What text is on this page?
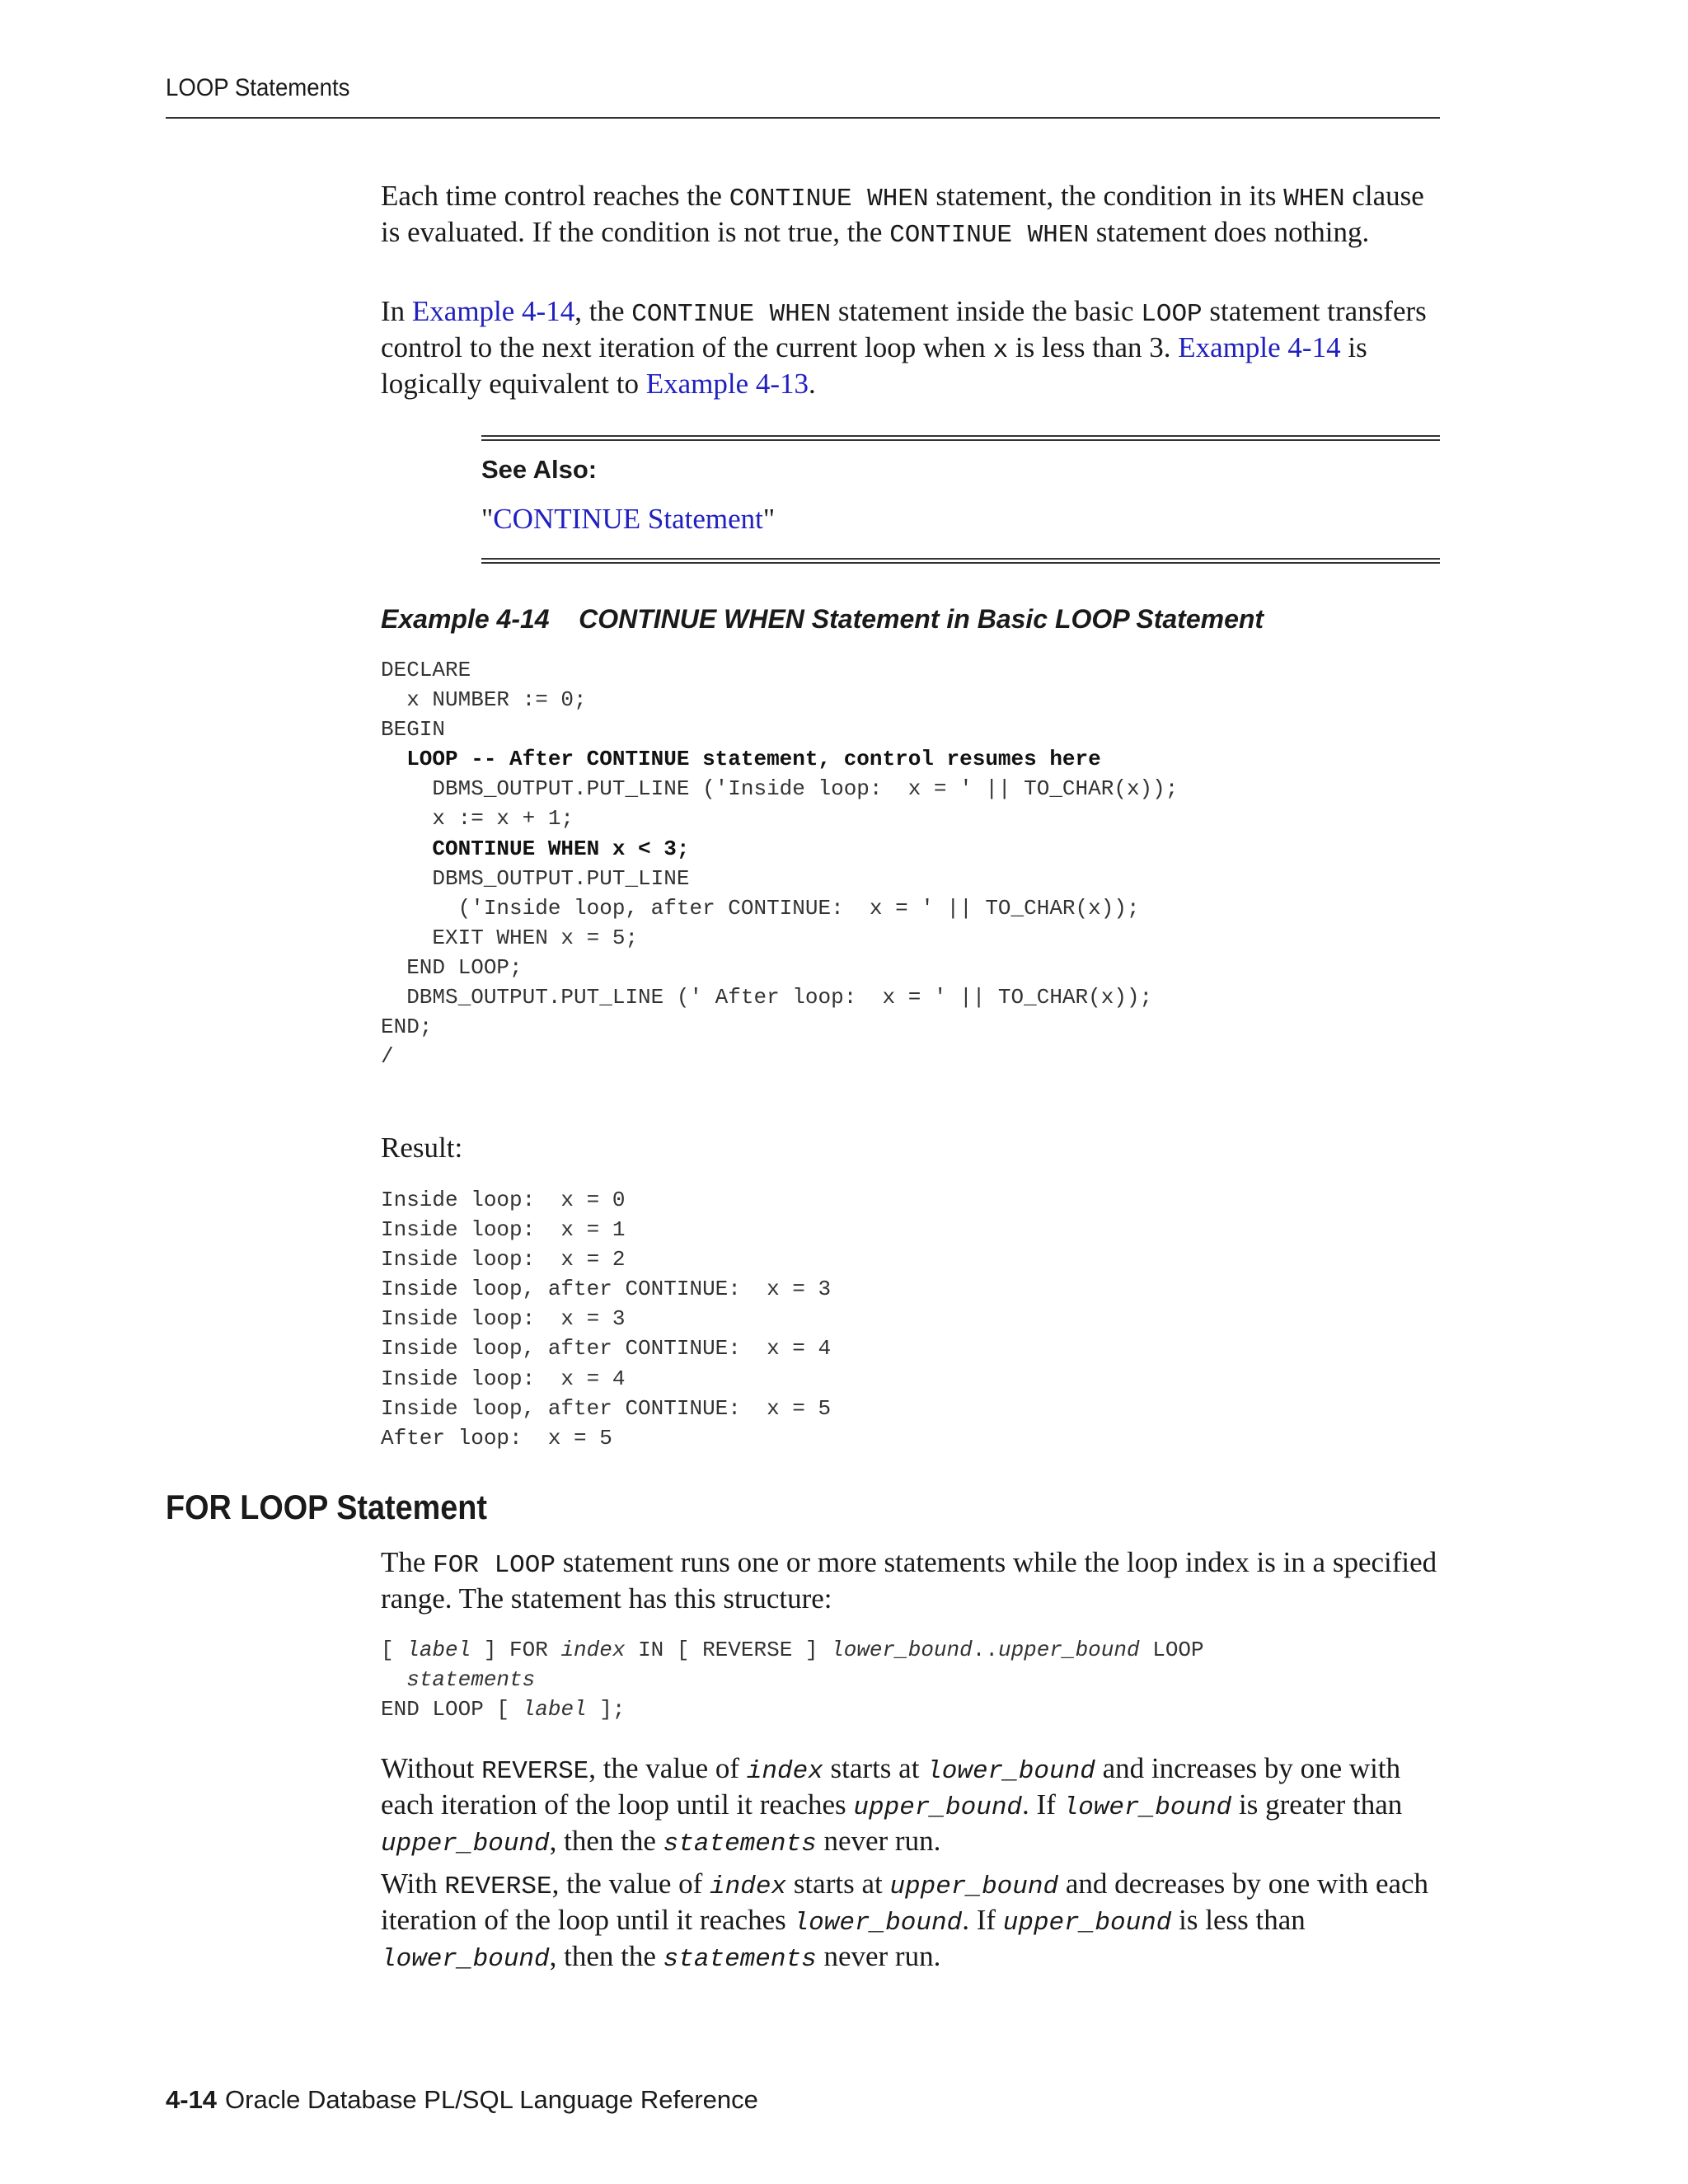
LOOP Statements

Each time control reaches the CONTINUE WHEN statement, the condition in its WHEN clause is evaluated. If the condition is not true, the CONTINUE WHEN statement does nothing.

In Example 4-14, the CONTINUE WHEN statement inside the basic LOOP statement transfers control to the next iteration of the current loop when x is less than 3. Example 4-14 is logically equivalent to Example 4-13.

See Also:
"CONTINUE Statement"
Example 4-14    CONTINUE WHEN Statement in Basic LOOP Statement
DECLARE
x NUMBER := 0;
BEGIN
LOOP -- After CONTINUE statement, control resumes here
DBMS_OUTPUT.PUT_LINE ('Inside loop:  x = ' || TO_CHAR(x));
x := x + 1;
CONTINUE WHEN x < 3;
DBMS_OUTPUT.PUT_LINE
('Inside loop, after CONTINUE:  x = ' || TO_CHAR(x));
EXIT WHEN x = 5;
END LOOP;
DBMS_OUTPUT.PUT_LINE (' After loop:  x = ' || TO_CHAR(x));
END;
/
Result:
Inside loop:  x = 0
Inside loop:  x = 1
Inside loop:  x = 2
Inside loop, after CONTINUE:  x = 3
Inside loop:  x = 3
Inside loop, after CONTINUE:  x = 4
Inside loop:  x = 4
Inside loop, after CONTINUE:  x = 5
After loop:  x = 5
FOR LOOP Statement

The FOR LOOP statement runs one or more statements while the loop index is in a specified range. The statement has this structure:

[ label ] FOR index IN [ REVERSE ] lower_bound..upper_bound LOOP
statements
END LOOP [ label ];

Without REVERSE, the value of index starts at lower_bound and increases by one with each iteration of the loop until it reaches upper_bound. If lower_bound is greater than upper_bound, then the statements never run.

With REVERSE, the value of index starts at upper_bound and decreases by one with each iteration of the loop until it reaches lower_bound. If upper_bound is less than lower_bound, then the statements never run.

4-14 Oracle Database PL/SQL Language Reference
